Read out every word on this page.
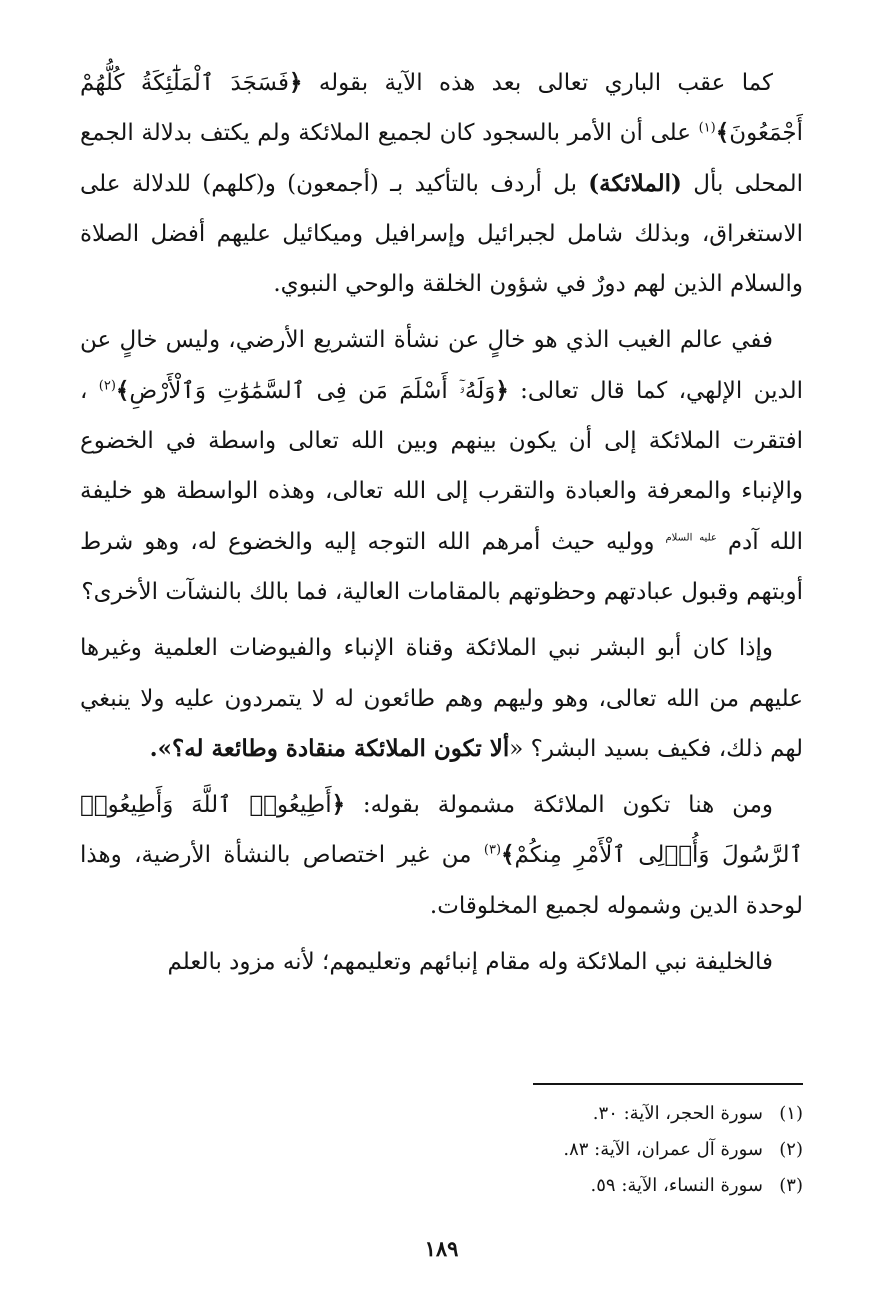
كما عقب الباري تعالى بعد هذه الآية بقوله ﴿فَسَجَدَ ٱلْمَلَٰٓئِكَةُ كُلُّهُمْ أَجْمَعُونَ﴾$^{(١)}$ على أن الأمر بالسجود كان لجميع الملائكة ولم يكتف بدلالة الجمع المحلى بأل (الملائكة) بل أردف بالتأكيد بـ (أجمعون) و(كلهم) للدلالة على الاستغراق، وبذلك شامل لجبرائيل وإسرافيل وميكائيل عليهم أفضل الصلاة والسلام الذين لهم دورٌ في شؤون الخلقة والوحي النبوي.

ففي عالم الغيب الذي هو خالٍ عن نشأة التشريع الأرضي، وليس خالٍ عن الدين الإلهي، كما قال تعالى: ﴿وَلَهُۥٓ أَسْلَمَ مَن فِى ٱلسَّمَٰوَٰتِ وَٱلْأَرْضِ﴾$^{(٢)}$ ، افتقرت الملائكة إلى أن يكون بينهم وبين الله تعالى واسطة في الخضوع والإنباء والمعرفة والعبادة والتقرب إلى الله تعالى، وهذه الواسطة هو خليفة الله آدم $^{عليه السلام}$ ووليه حيث أمرهم الله التوجه إليه والخضوع له، وهو شرط أوبتهم وقبول عبادتهم وحظوتهم بالمقامات العالية، فما بالك بالنشآت الأخرى؟

وإذا كان أبو البشر نبي الملائكة وقناة الإنباء والفيوضات العلمية وغيرها عليهم من الله تعالى، وهو وليهم وهم طائعون له لا يتمردون عليه ولا ينبغي لهم ذلك، فكيف بسيد البشر؟ «ألا تكون الملائكة منقادة وطائعة له؟».

ومن هنا تكون الملائكة مشمولة بقوله: ﴿أَطِيعُوا۟ ٱللَّهَ وَأَطِيعُوا۟ ٱلرَّسُولَ وَأُو۟لِى ٱلْأَمْرِ مِنكُمْ﴾$^{(٣)}$ من غير اختصاص بالنشأة الأرضية، وهذا لوحدة الدين وشموله لجميع المخلوقات.

فالخليفة نبي الملائكة وله مقام إنبائهم وتعليمهم؛ لأنه مزود بالعلم

(١)سورة الحجر، الآية: ٣٠.

(٢)سورة آل عمران، الآية: ٨٣.

(٣)سورة النساء، الآية: ٥٩.

١٨٩
